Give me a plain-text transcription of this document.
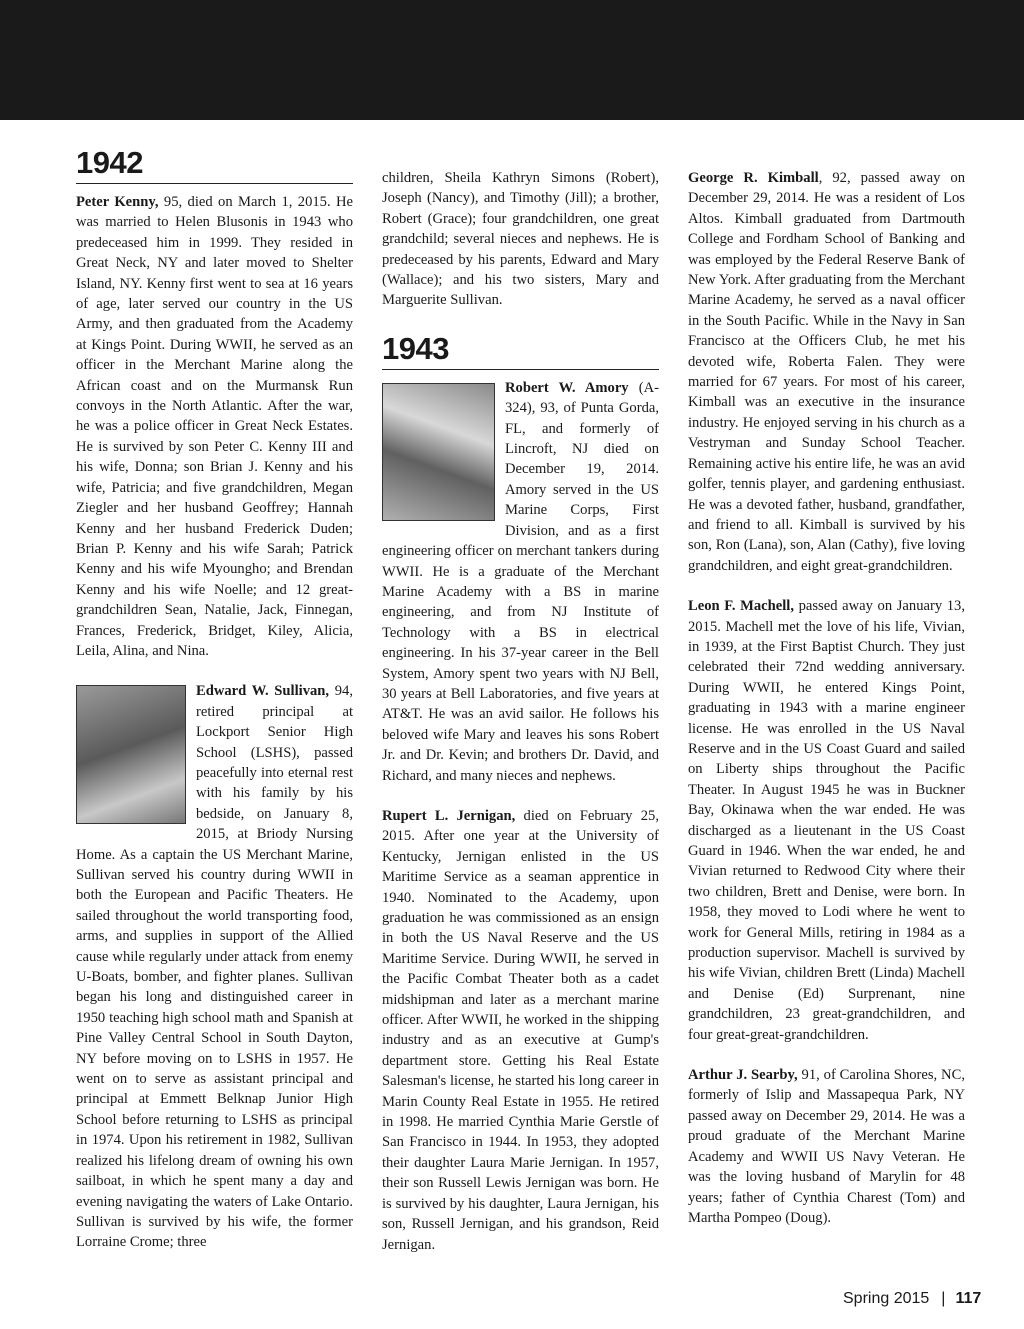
1942

Peter Kenny, 95, died on March 1, 2015. He was married to Helen Blusonis in 1943 who predeceased him in 1999. They resided in Great Neck, NY and later moved to Shelter Island, NY. Kenny first went to sea at 16 years of age, later served our country in the US Army, and then graduated from the Academy at Kings Point. During WWII, he served as an officer in the Merchant Marine along the African coast and on the Murmansk Run convoys in the North Atlantic. After the war, he was a police officer in Great Neck Estates. He is survived by son Peter C. Kenny III and his wife, Donna; son Brian J. Kenny and his wife, Patricia; and five grandchildren, Megan Ziegler and her husband Geoffrey; Hannah Kenny and her husband Frederick Duden; Brian P. Kenny and his wife Sarah; Patrick Kenny and his wife Myoungho; and Brendan Kenny and his wife Noelle; and 12 great-grandchildren Sean, Natalie, Jack, Finnegan, Frances, Frederick, Bridget, Kiley, Alicia, Leila, Alina, and Nina.

Edward W. Sullivan, 94, retired principal at Lockport Senior High School (LSHS), passed peacefully into eternal rest with his family by his bedside, on January 8, 2015, at Briody Nursing Home. As a captain the US Merchant Marine, Sullivan served his country during WWII in both the European and Pacific Theaters. He sailed throughout the world transporting food, arms, and supplies in support of the Allied cause while regularly under attack from enemy U-Boats, bomber, and fighter planes. Sullivan began his long and distinguished career in 1950 teaching high school math and Spanish at Pine Valley Central School in South Dayton, NY before moving on to LSHS in 1957. He went on to serve as assistant principal and principal at Emmett Belknap Junior High School before returning to LSHS as principal in 1974. Upon his retirement in 1982, Sullivan realized his lifelong dream of owning his own sailboat, in which he spent many a day and evening navigating the waters of Lake Ontario. Sullivan is survived by his wife, the former Lorraine Crome; three

children, Sheila Kathryn Simons (Robert), Joseph (Nancy), and Timothy (Jill); a brother, Robert (Grace); four grandchildren, one great grandchild; several nieces and nephews. He is predeceased by his parents, Edward and Mary (Wallace); and his two sisters, Mary and Marguerite Sullivan.

1943

Robert W. Amory (A-324), 93, of Punta Gorda, FL, and formerly of Lincroft, NJ died on December 19, 2014. Amory served in the US Marine Corps, First Division, and as a first engineering officer on merchant tankers during WWII. He is a graduate of the Merchant Marine Academy with a BS in marine engineering, and from NJ Institute of Technology with a BS in electrical engineering. In his 37-year career in the Bell System, Amory spent two years with NJ Bell, 30 years at Bell Laboratories, and five years at AT&T. He was an avid sailor. He follows his beloved wife Mary and leaves his sons Robert Jr. and Dr. Kevin; and brothers Dr. David, and Richard, and many nieces and nephews.

Rupert L. Jernigan, died on February 25, 2015. After one year at the University of Kentucky, Jernigan enlisted in the US Maritime Service as a seaman apprentice in 1940. Nominated to the Academy, upon graduation he was commissioned as an ensign in both the US Naval Reserve and the US Maritime Service. During WWII, he served in the Pacific Combat Theater both as a cadet midshipman and later as a merchant marine officer. After WWII, he worked in the shipping industry and as an executive at Gump's department store. Getting his Real Estate Salesman's license, he started his long career in Marin County Real Estate in 1955. He retired in 1998. He married Cynthia Marie Gerstle of San Francisco in 1944. In 1953, they adopted their daughter Laura Marie Jernigan. In 1957, their son Russell Lewis Jernigan was born. He is survived by his daughter, Laura Jernigan, his son, Russell Jernigan, and his grandson, Reid Jernigan.

George R. Kimball, 92, passed away on December 29, 2014. He was a resident of Los Altos. Kimball graduated from Dartmouth College and Fordham School of Banking and was employed by the Federal Reserve Bank of New York. After graduating from the Merchant Marine Academy, he served as a naval officer in the South Pacific. While in the Navy in San Francisco at the Officers Club, he met his devoted wife, Roberta Falen. They were married for 67 years. For most of his career, Kimball was an executive in the insurance industry. He enjoyed serving in his church as a Vestryman and Sunday School Teacher. Remaining active his entire life, he was an avid golfer, tennis player, and gardening enthusiast. He was a devoted father, husband, grandfather, and friend to all. Kimball is survived by his son, Ron (Lana), son, Alan (Cathy), five loving grandchildren, and eight great-grandchildren.

Leon F. Machell, passed away on January 13, 2015. Machell met the love of his life, Vivian, in 1939, at the First Baptist Church. They just celebrated their 72nd wedding anniversary. During WWII, he entered Kings Point, graduating in 1943 with a marine engineer license. He was enrolled in the US Naval Reserve and in the US Coast Guard and sailed on Liberty ships throughout the Pacific Theater. In August 1945 he was in Buckner Bay, Okinawa when the war ended. He was discharged as a lieutenant in the US Coast Guard in 1946. When the war ended, he and Vivian returned to Redwood City where their two children, Brett and Denise, were born. In 1958, they moved to Lodi where he went to work for General Mills, retiring in 1984 as a production supervisor. Machell is survived by his wife Vivian, children Brett (Linda) Machell and Denise (Ed) Surprenant, nine grandchildren, 23 great-grandchildren, and four great-great-grandchildren.

Arthur J. Searby, 91, of Carolina Shores, NC, formerly of Islip and Massapequa Park, NY passed away on December 29, 2014. He was a proud graduate of the Merchant Marine Academy and WWII US Navy Veteran. He was the loving husband of Marylin for 48 years; father of Cynthia Charest (Tom) and Martha Pompeo (Doug).

Spring 2015 | 117
